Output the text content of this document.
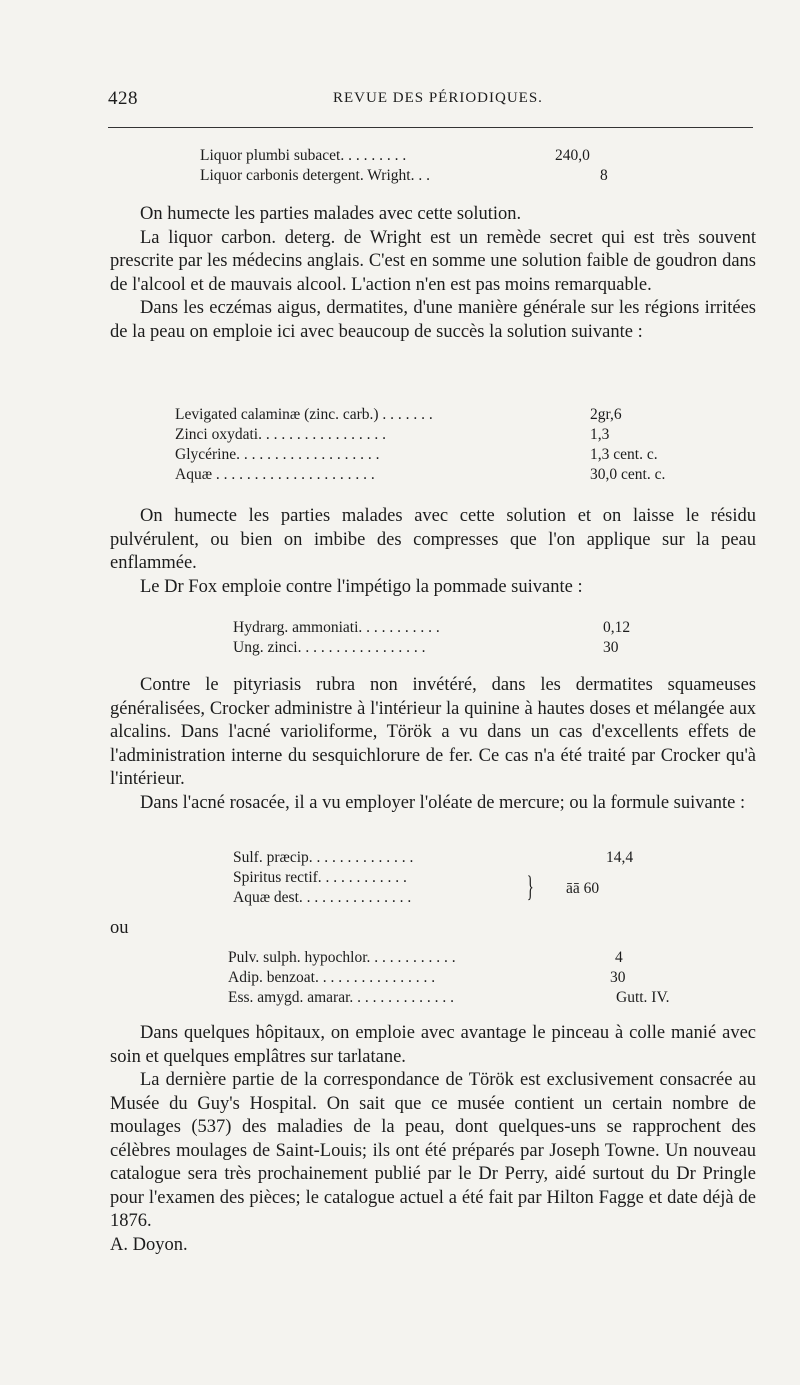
428	REVUE DES PÉRIODIQUES.
Liquor plumbi subacet. . . . . . . . .	240,0
Liquor carbonis detergent. Wright. . .	8

On humecte les parties malades avec cette solution.

La liquor carbon. deterg. de Wright est un remède secret qui est très souvent prescrite par les médecins anglais. C'est en somme une solution faible de goudron dans de l'alcool et de mauvais alcool. L'action n'en est pas moins remarquable.

Dans les eczémas aigus, dermatites, d'une manière générale sur les régions irritées de la peau on emploie ici avec beaucoup de succès la solution suivante :

Levigated calaminæ (zinc. carb.) . . . . . . .	2gr,6
Zinci oxydati. . . . . . . . . . . . . . . . .	1,3
Glycérine. . . . . . . . . . . . . . . . . . .	1,3 cent. c.
Aquæ . . . . . . . . . . . . . . . . . . . . .	30,0 cent. c.

On humecte les parties malades avec cette solution et on laisse le résidu pulvérulent, ou bien on imbibe des compresses que l'on applique sur la peau enflammée.

Le Dr Fox emploie contre l'impétigo la pommade suivante :

Hydrarg. ammoniati. . . . . . . . . . .	0,12
Ung. zinci. . . . . . . . . . . . . . . . .	30

Contre le pityriasis rubra non invétéré, dans les dermatites squameuses généralisées, Crocker administre à l'intérieur la quinine à hautes doses et mélangée aux alcalins. Dans l'acné varioliforme, Török a vu dans un cas d'excellents effets de l'administration interne du sesquichlorure de fer. Ce cas n'a été traité par Crocker qu'à l'intérieur.

Dans l'acné rosacée, il a vu employer l'oléate de mercure; ou la formule suivante :

Sulf. præcip. . . . . . . . . . . . . .	14,4
Spiritus rectif. . . . . . . . . . . .
Aquæ dest. . . . . . . . . . . . . . .	} āā 60
ou
Pulv. sulph. hypochlor. . . . . . . . . . . .	4
Adip. benzoat. . . . . . . . . . . . . . . .	30
Ess. amygd. amarar. . . . . . . . . . . . . .	Gutt. IV.

Dans quelques hôpitaux, on emploie avec avantage le pinceau à colle manié avec soin et quelques emplâtres sur tarlatane.

La dernière partie de la correspondance de Török est exclusivement consacrée au Musée du Guy's Hospital. On sait que ce musée contient un certain nombre de moulages (537) des maladies de la peau, dont quelques-uns se rapprochent des célèbres moulages de Saint-Louis; ils ont été préparés par Joseph Towne. Un nouveau catalogue sera très prochainement publié par le Dr Perry, aidé surtout du Dr Pringle pour l'examen des pièces; le catalogue actuel a été fait par Hilton Fagge et date déjà de 1876.

A. Doyon.
